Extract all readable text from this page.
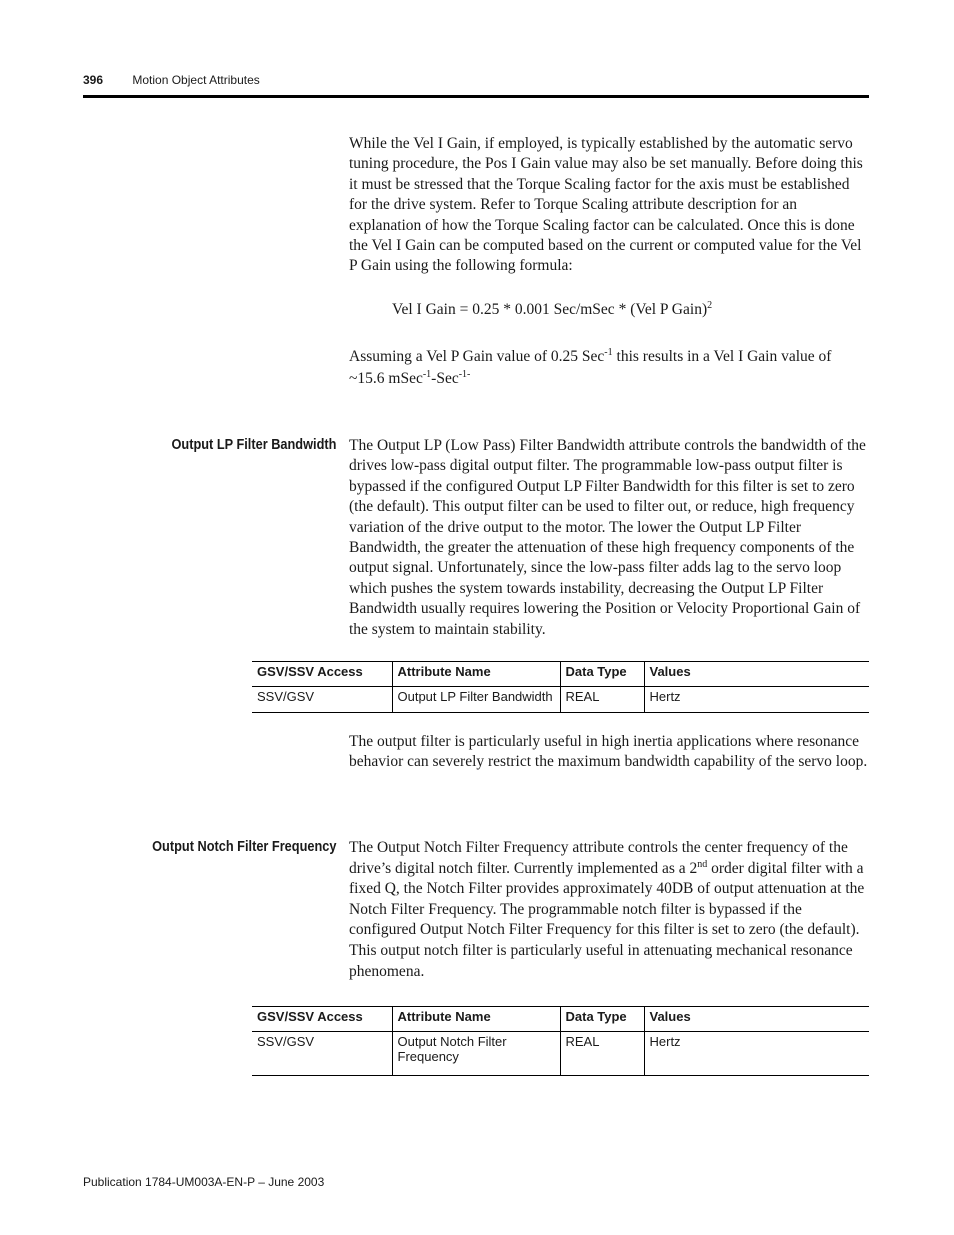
396 Motion Object Attributes

While the Vel I Gain, if employed, is typically established by the automatic servo tuning procedure, the Pos I Gain value may also be set manually. Before doing this it must be stressed that the Torque Scaling factor for the axis must be established for the drive system. Refer to Torque Scaling attribute description for an explanation of how the Torque Scaling factor can be calculated. Once this is done the Vel I Gain can be computed based on the current or computed value for the Vel P Gain using the following formula:

Vel I Gain = 0.25 * 0.001 Sec/mSec * (Vel P Gain)$^2$

Assuming a Vel P Gain value of 0.25 Sec$^{-1}$ this results in a Vel I Gain value of ~15.6 mSec$^{-1}$-Sec$^{-1-}$

Output LP Filter Bandwidth The Output LP (Low Pass) Filter Bandwidth attribute controls the bandwidth of the drives low-pass digital output filter. The programmable low-pass output filter is bypassed if the configured Output LP Filter Bandwidth for this filter is set to zero (the default). This output filter can be used to filter out, or reduce, high frequency variation of the drive output to the motor. The lower the Output LP Filter Bandwidth, the greater the attenuation of these high frequency components of the output signal. Unfortunately, since the low-pass filter adds lag to the servo loop which pushes the system towards instability, decreasing the Output LP Filter Bandwidth usually requires lowering the Position or Velocity Proportional Gain of the system to maintain stability.

GSV/SSV Access	Attribute Name	Data Type	Values
SSV/GSV	Output LP Filter Bandwidth	REAL	Hertz

The output filter is particularly useful in high inertia applications where resonance behavior can severely restrict the maximum bandwidth capability of the servo loop.

Output Notch Filter Frequency The Output Notch Filter Frequency attribute controls the center frequency of the drive’s digital notch filter. Currently implemented as a 2nd order digital filter with a fixed Q, the Notch Filter provides approximately 40DB of output attenuation at the Notch Filter Frequency. The programmable notch filter is bypassed if the configured Output Notch Filter Frequency for this filter is set to zero (the default). This output notch filter is particularly useful in attenuating mechanical resonance phenomena.

GSV/SSV Access	Attribute Name	Data Type	Values
SSV/GSV	Output Notch Filter Frequency	REAL	Hertz
Publication 1784-UM003A-EN-P – June 2003
